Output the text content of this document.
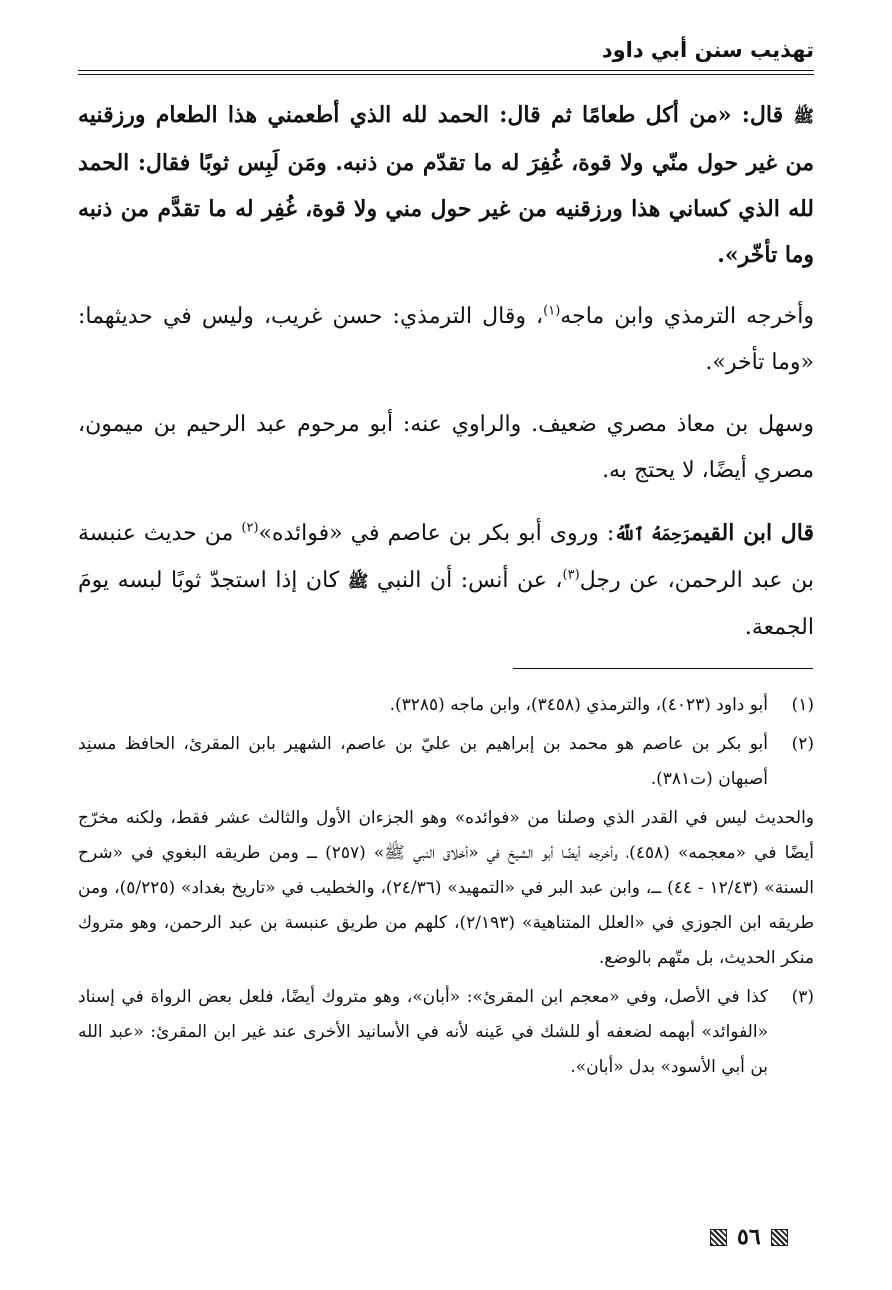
تهذيب سنن أبي داود

ﷺ قال: «من أكل طعامًا ثم قال: الحمد لله الذي أطعمني هذا الطعام ورزقنيه من غير حول منّي ولا قوة، غُفِرَ له ما تقدّم من ذنبه. ومَن لَبِس ثوبًا فقال: الحمد لله الذي كساني هذا ورزقنيه من غير حول مني ولا قوة، غُفِر له ما تقدَّم من ذنبه وما تأخّر».

وأخرجه الترمذي وابن ماجه$^{(١)}$، وقال الترمذي: حسن غريب، وليس في حديثهما: «وما تأخر».

وسهل بن معاذ مصري ضعيف. والراوي عنه: أبو مرحوم عبد الرحيم بن ميمون، مصري أيضًا، لا يحتج به.

قال ابن القيمرَحِمَهُ ٱللَّهُ: وروى أبو بكر بن عاصم في «فوائده»$^{(٢)}$ من حديث عنبسة بن عبد الرحمن، عن رجل$^{(٣)}$، عن أنس: أن النبي ﷺ كان إذا استجدّ ثوبًا لبسه يومَ الجمعة.

(١)
أبو داود (٤٠٢٣)، والترمذي (٣٤٥٨)، وابن ماجه (٣٢٨٥).
(٢)
أبو بكر بن عاصم هو محمد بن إبراهيم بن عليّ بن عاصم، الشهير بابن المقرئ، الحافظ مسنِد أصبهان (ت٣٨١).
والحديث ليس في القدر الذي وصلنا من «فوائده» وهو الجزءان الأول والثالث عشر فقط، ولكنه مخرّج أيضًا في «معجمه» (٤٥٨)، وأخرجه أيضًا أبو الشيخ في «أخلاق النبي ﷺ» (٢٥٧) ــ ومن طريقه البغوي في «شرح السنة» (١٢/٤٣ - ٤٤) ــ، وابن عبد البر في «التمهيد» (٢٤/٣٦)، والخطيب في «تاريخ بغداد» (٥/٢٢٥)، ومن طريقه ابن الجوزي في «العلل المتناهية» (٢/١٩٣)، كلهم من طريق عنبسة بن عبد الرحمن، وهو متروك منكر الحديث، بل متّهم بالوضع.
(٣)
كذا في الأصل، وفي «معجم ابن المقرئ»: «أبان»، وهو متروك أيضًا، فلعل بعض الرواة في إسناد «الفوائد» أبهمه لضعفه أو للشك في عَينه لأنه في الأسانيد الأخرى عند غير ابن المقرئ: «عبد الله بن أبي الأسود» بدل «أبان».
٥٦
